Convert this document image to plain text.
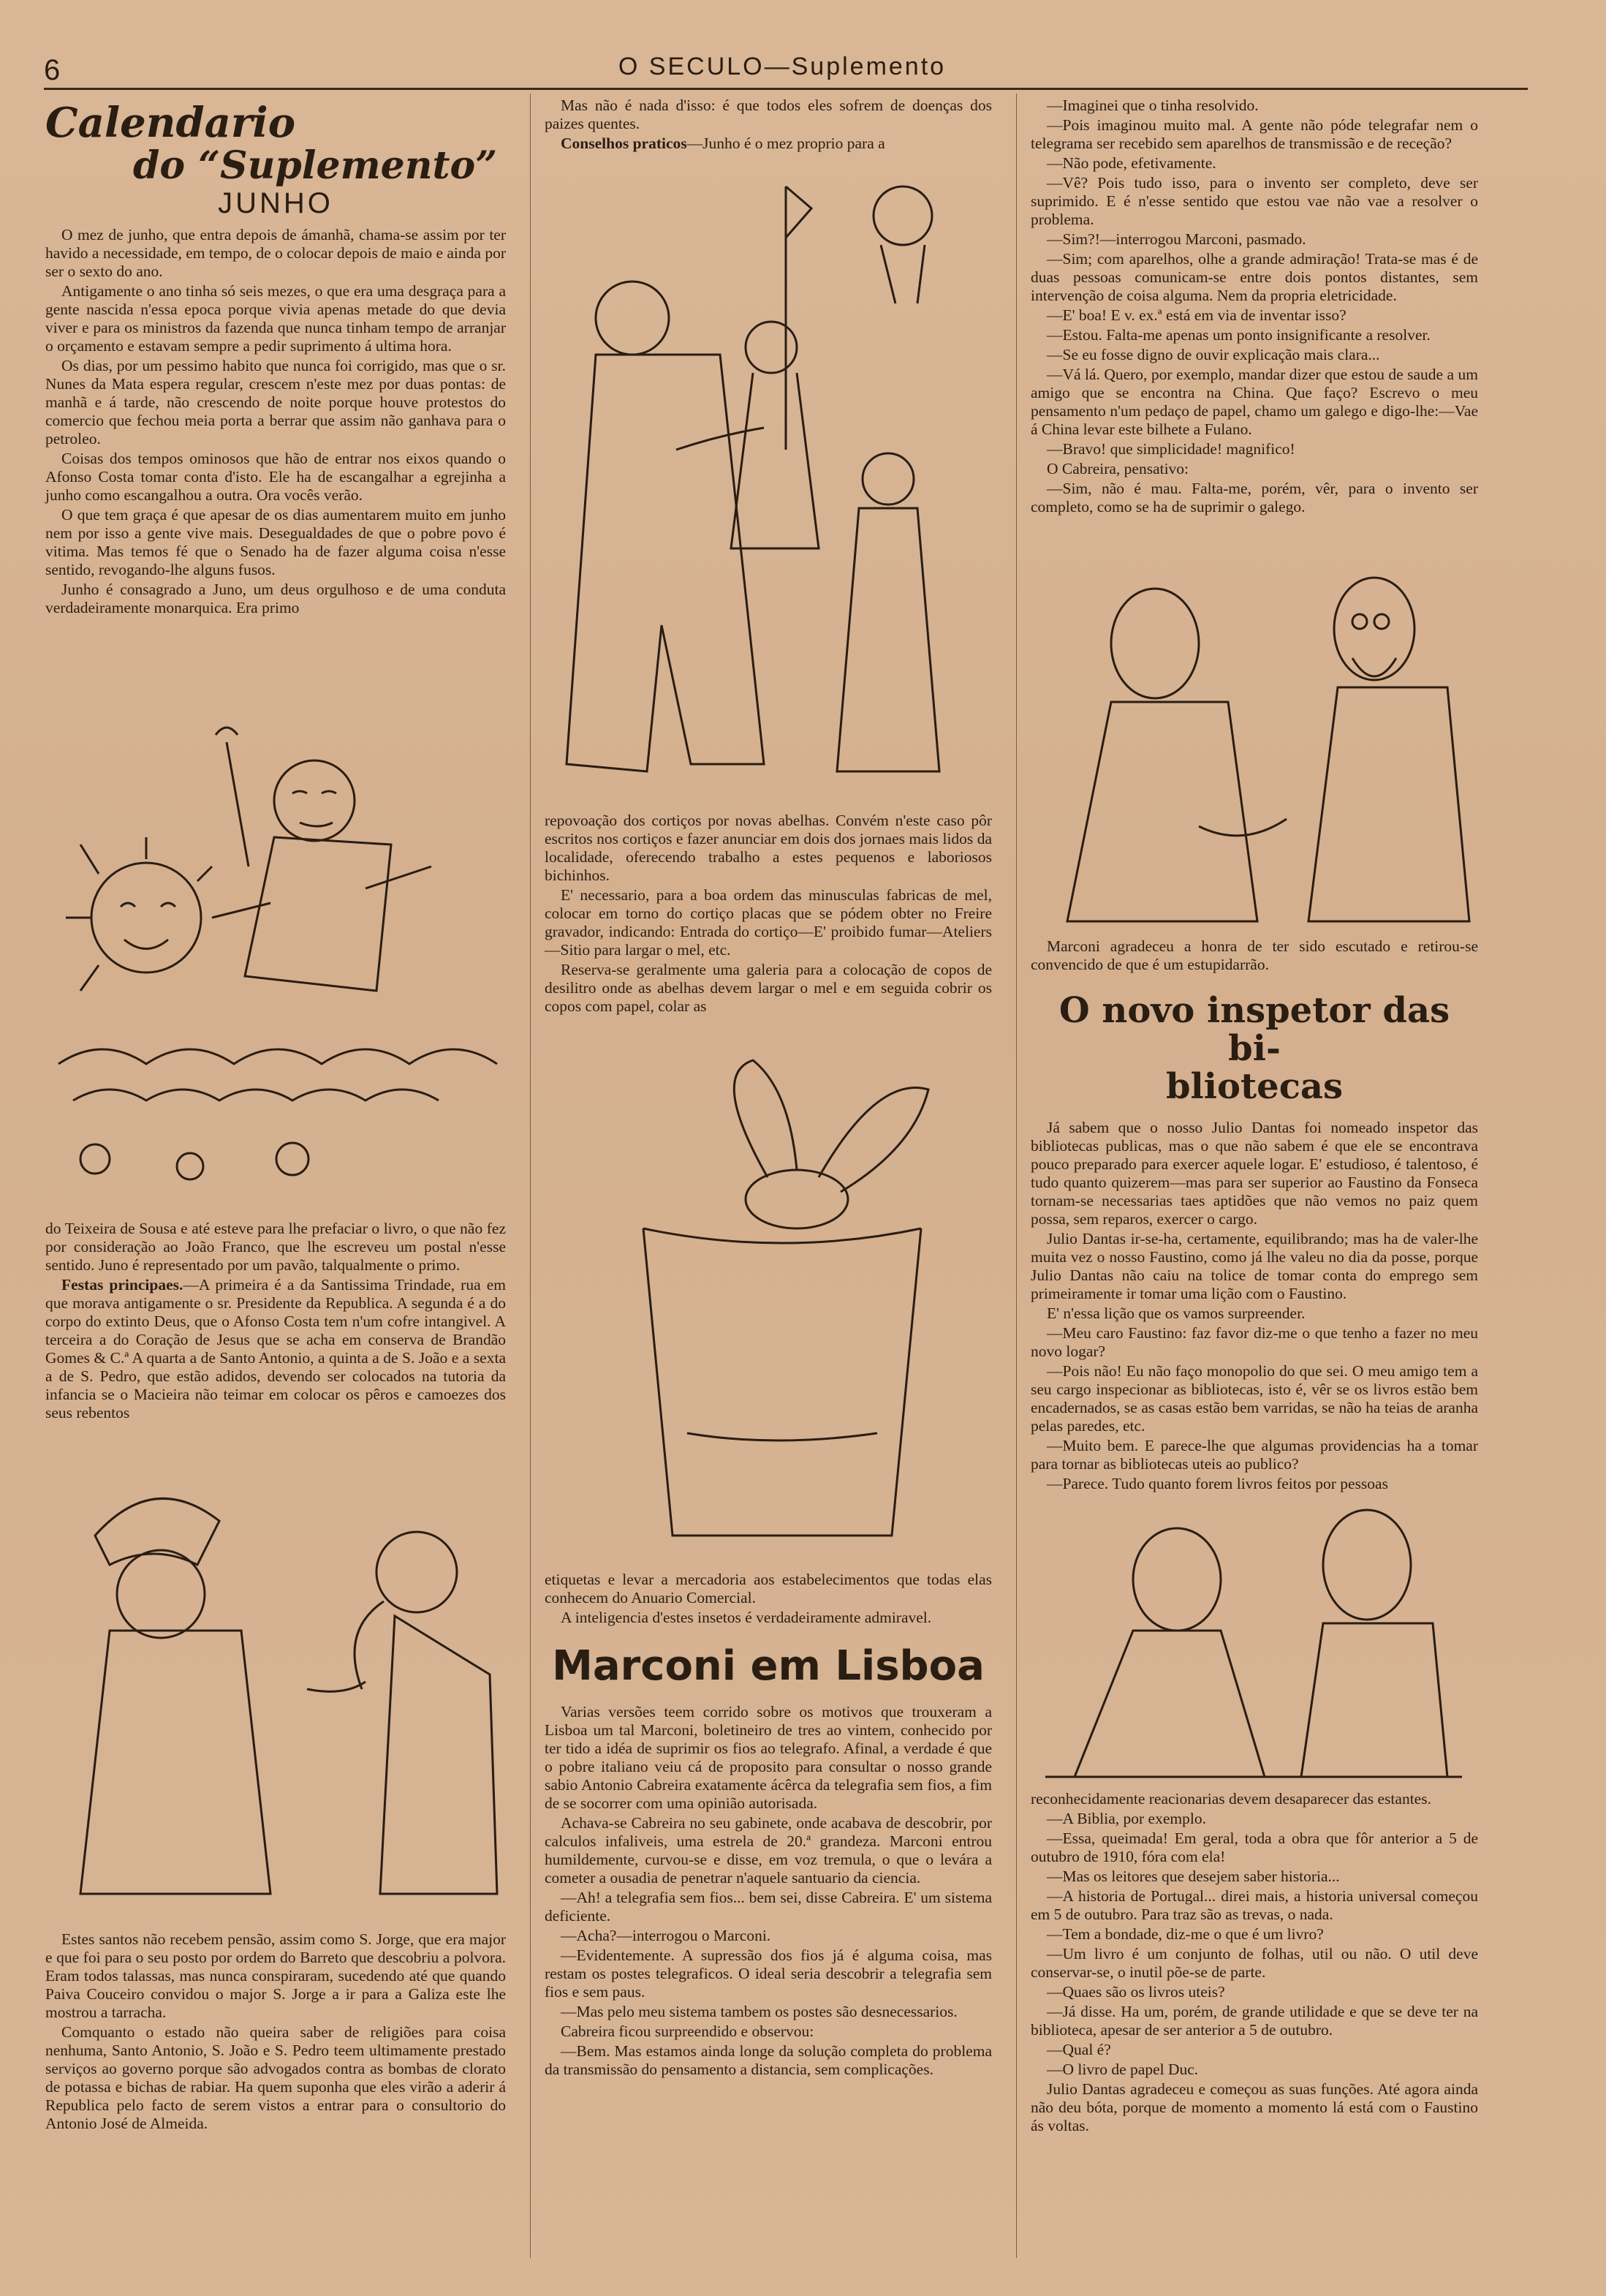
6	O SECULO—Suplemento
Calendario
do “Suplemento”
JUNHO

O mez de junho, que entra depois de ámanhã, chama-se assim por ter havido a necessidade, em tempo, de o colocar depois de maio e ainda por ser o sexto do ano.

Antigamente o ano tinha só seis mezes, o que era uma desgraça para a gente nascida n'essa epoca porque vivia apenas metade do que devia viver e para os ministros da fazenda que nunca tinham tempo de arranjar o orçamento e estavam sempre a pedir suprimento á ultima hora.

Os dias, por um pessimo habito que nunca foi corrigido, mas que o sr. Nunes da Mata espera regular, crescem n'este mez por duas pontas: de manhã e á tarde, não crescendo de noite porque houve protestos do comercio que fechou meia porta a berrar que assim não ganhava para o petroleo.

Coisas dos tempos ominosos que hão de entrar nos eixos quando o Afonso Costa tomar conta d'isto. Ele ha de escangalhar a egrejinha a junho como escangalhou a outra. Ora vocês verão.

O que tem graça é que apesar de os dias aumentarem muito em junho nem por isso a gente vive mais. Desegualdades de que o pobre povo é vitima. Mas temos fé que o Senado ha de fazer alguma coisa n'esse sentido, revogando-lhe alguns fusos.

Junho é consagrado a Juno, um deus orgulhoso e de uma conduta verdadeiramente monarquica. Era primo

do Teixeira de Sousa e até esteve para lhe prefaciar o livro, o que não fez por consideração ao João Franco, que lhe escreveu um postal n'esse sentido. Juno é representado por um pavão, talqualmente o primo.

Festas principaes.—A primeira é a da Santissima Trindade, rua em que morava antigamente o sr. Presidente da Republica. A segunda é a do corpo do extinto Deus, que o Afonso Costa tem n'um cofre intangivel. A terceira a do Coração de Jesus que se acha em conserva de Brandão Gomes & C.ª A quarta a de Santo Antonio, a quinta a de S. João e a sexta a de S. Pedro, que estão adidos, devendo ser colocados na tutoria da infancia se o Macieira não teimar em colocar os pêros e camoezes dos seus rebentos

Estes santos não recebem pensão, assim como S. Jorge, que era major e que foi para o seu posto por ordem do Barreto que descobriu a polvora. Eram todos talassas, mas nunca conspiraram, sucedendo até que quando Paiva Couceiro convidou o major S. Jorge a ir para a Galiza este lhe mostrou a tarracha.

Comquanto o estado não queira saber de religiões para coisa nenhuma, Santo Antonio, S. João e S. Pedro teem ultimamente prestado serviços ao governo porque são advogados contra as bombas de clorato de potassa e bichas de rabiar. Ha quem suponha que eles virão a aderir á Republica pelo facto de serem vistos a entrar para o consultorio do Antonio José de Almeida.

Mas não é nada d'isso: é que todos eles sofrem de doenças dos paizes quentes.

Conselhos praticos—Junho é o mez proprio para a

repovoação dos cortiços por novas abelhas. Convém n'este caso pôr escritos nos cortiços e fazer anunciar em dois dos jornaes mais lidos da localidade, oferecendo trabalho a estes pequenos e laboriosos bichinhos.

E' necessario, para a boa ordem das minusculas fabricas de mel, colocar em torno do cortiço placas que se pódem obter no Freire gravador, indicando: Entrada do cortiço—E' proibido fumar—Ateliers—Sitio para largar o mel, etc.

Reserva-se geralmente uma galeria para a colocação de copos de desilitro onde as abelhas devem largar o mel e em seguida cobrir os copos com papel, colar as

etiquetas e levar a mercadoria aos estabelecimentos que todas elas conhecem do Anuario Comercial.

A inteligencia d'estes insetos é verdadeiramente admiravel.

Marconi em Lisboa

Varias versões teem corrido sobre os motivos que trouxeram a Lisboa um tal Marconi, boletineiro de tres ao vintem, conhecido por ter tido a idéa de suprimir os fios ao telegrafo. Afinal, a verdade é que o pobre italiano veiu cá de proposito para consultar o nosso grande sabio Antonio Cabreira exatamente ácêrca da telegrafia sem fios, a fim de se socorrer com uma opinião autorisada.

Achava-se Cabreira no seu gabinete, onde acabava de descobrir, por calculos infaliveis, uma estrela de 20.ª grandeza. Marconi entrou humildemente, curvou-se e disse, em voz tremula, o que o levára a cometer a ousadia de penetrar n'aquele santuario da ciencia.

—Ah! a telegrafia sem fios... bem sei, disse Cabreira. E' um sistema deficiente.

—Acha?—interrogou o Marconi.

—Evidentemente. A supressão dos fios já é alguma coisa, mas restam os postes telegraficos. O ideal seria descobrir a telegrafia sem fios e sem paus.

—Mas pelo meu sistema tambem os postes são desnecessarios.

Cabreira ficou surpreendido e observou:

—Bem. Mas estamos ainda longe da solução completa do problema da transmissão do pensamento a distancia, sem complicações.

—Imaginei que o tinha resolvido.

—Pois imaginou muito mal. A gente não póde telegrafar nem o telegrama ser recebido sem aparelhos de transmissão e de receção?

—Não pode, efetivamente.

—Vê? Pois tudo isso, para o invento ser completo, deve ser suprimido. E é n'esse sentido que estou vae não vae a resolver o problema.

—Sim?!—interrogou Marconi, pasmado.

—Sim; com aparelhos, olhe a grande admiração! Trata-se mas é de duas pessoas comunicam-se entre dois pontos distantes, sem intervenção de coisa alguma. Nem da propria eletricidade.

—E' boa! E v. ex.ª está em via de inventar isso?

—Estou. Falta-me apenas um ponto insignificante a resolver.

—Se eu fosse digno de ouvir explicação mais clara...

—Vá lá. Quero, por exemplo, mandar dizer que estou de saude a um amigo que se encontra na China. Que faço? Escrevo o meu pensamento n'um pedaço de papel, chamo um galego e digo-lhe:—Vae á China levar este bilhete a Fulano.

—Bravo! que simplicidade! magnifico!

O Cabreira, pensativo:

—Sim, não é mau. Falta-me, porém, vêr, para o invento ser completo, como se ha de suprimir o galego.

Marconi agradeceu a honra de ter sido escutado e retirou-se convencido de que é um estupidarrão.

O novo inspetor das bi-
bliotecas

Já sabem que o nosso Julio Dantas foi nomeado inspetor das bibliotecas publicas, mas o que não sabem é que ele se encontrava pouco preparado para exercer aquele logar. E' estudioso, é talentoso, é tudo quanto quizerem—mas para ser superior ao Faustino da Fonseca tornam-se necessarias taes aptidões que não vemos no paiz quem possa, sem reparos, exercer o cargo.

Julio Dantas ir-se-ha, certamente, equilibrando; mas ha de valer-lhe muita vez o nosso Faustino, como já lhe valeu no dia da posse, porque Julio Dantas não caiu na tolice de tomar conta do emprego sem primeiramente ir tomar uma lição com o Faustino.

E' n'essa lição que os vamos surpreender.

—Meu caro Faustino: faz favor diz-me o que tenho a fazer no meu novo logar?

—Pois não! Eu não faço monopolio do que sei. O meu amigo tem a seu cargo inspecionar as bibliotecas, isto é, vêr se os livros estão bem encadernados, se as casas estão bem varridas, se não ha teias de aranha pelas paredes, etc.

—Muito bem. E parece-lhe que algumas providencias ha a tomar para tornar as bibliotecas uteis ao publico?

—Parece. Tudo quanto forem livros feitos por pessoas

reconhecidamente reacionarias devem desaparecer das estantes.

—A Biblia, por exemplo.

—Essa, queimada! Em geral, toda a obra que fôr anterior a 5 de outubro de 1910, fóra com ela!

—Mas os leitores que desejem saber historia...

—A historia de Portugal... direi mais, a historia universal começou em 5 de outubro. Para traz são as trevas, o nada.

—Tem a bondade, diz-me o que é um livro?

—Um livro é um conjunto de folhas, util ou não. O util deve conservar-se, o inutil põe-se de parte.

—Quaes são os livros uteis?

—Já disse. Ha um, porém, de grande utilidade e que se deve ter na biblioteca, apesar de ser anterior a 5 de outubro.

—Qual é?

—O livro de papel Duc.

Julio Dantas agradeceu e começou as suas funções. Até agora ainda não deu bóta, porque de momento a momento lá está com o Faustino ás voltas.
